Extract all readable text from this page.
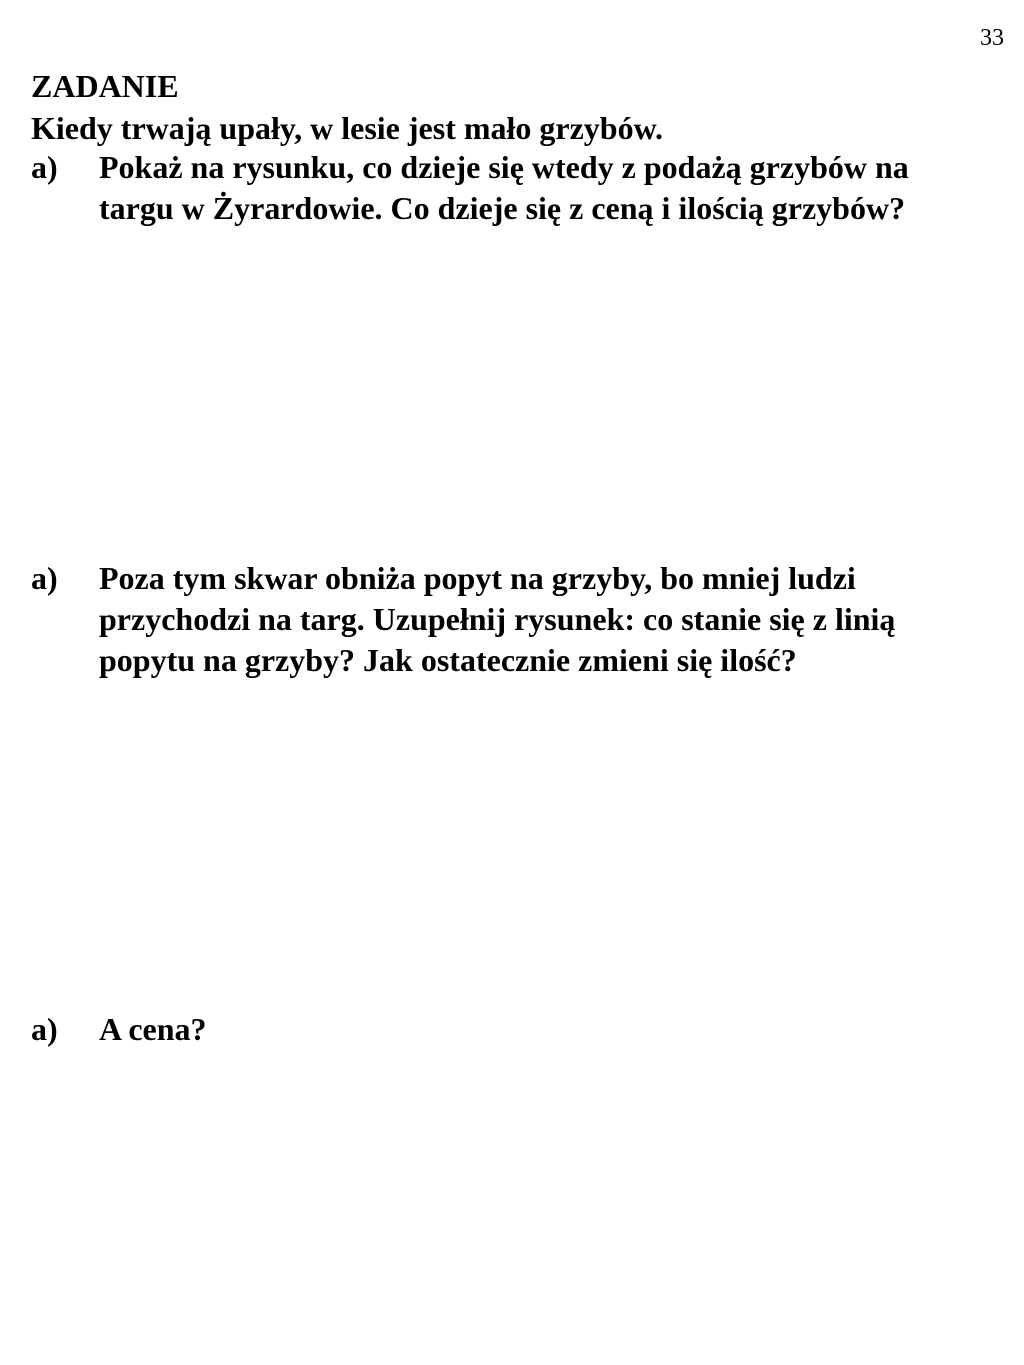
33
ZADANIE
Kiedy trwają upały, w lesie jest mało grzybów.
a) Pokaż na rysunku, co dzieje się wtedy z podażą grzybów na targu w Żyrardowie. Co dzieje się z ceną i ilością grzybów?
a) Poza tym skwar obniża popyt na grzyby, bo mniej ludzi przychodzi na targ. Uzupełnij rysunek: co stanie się z linią popytu na grzyby? Jak ostatecznie zmieni się ilość?
a) A cena?
